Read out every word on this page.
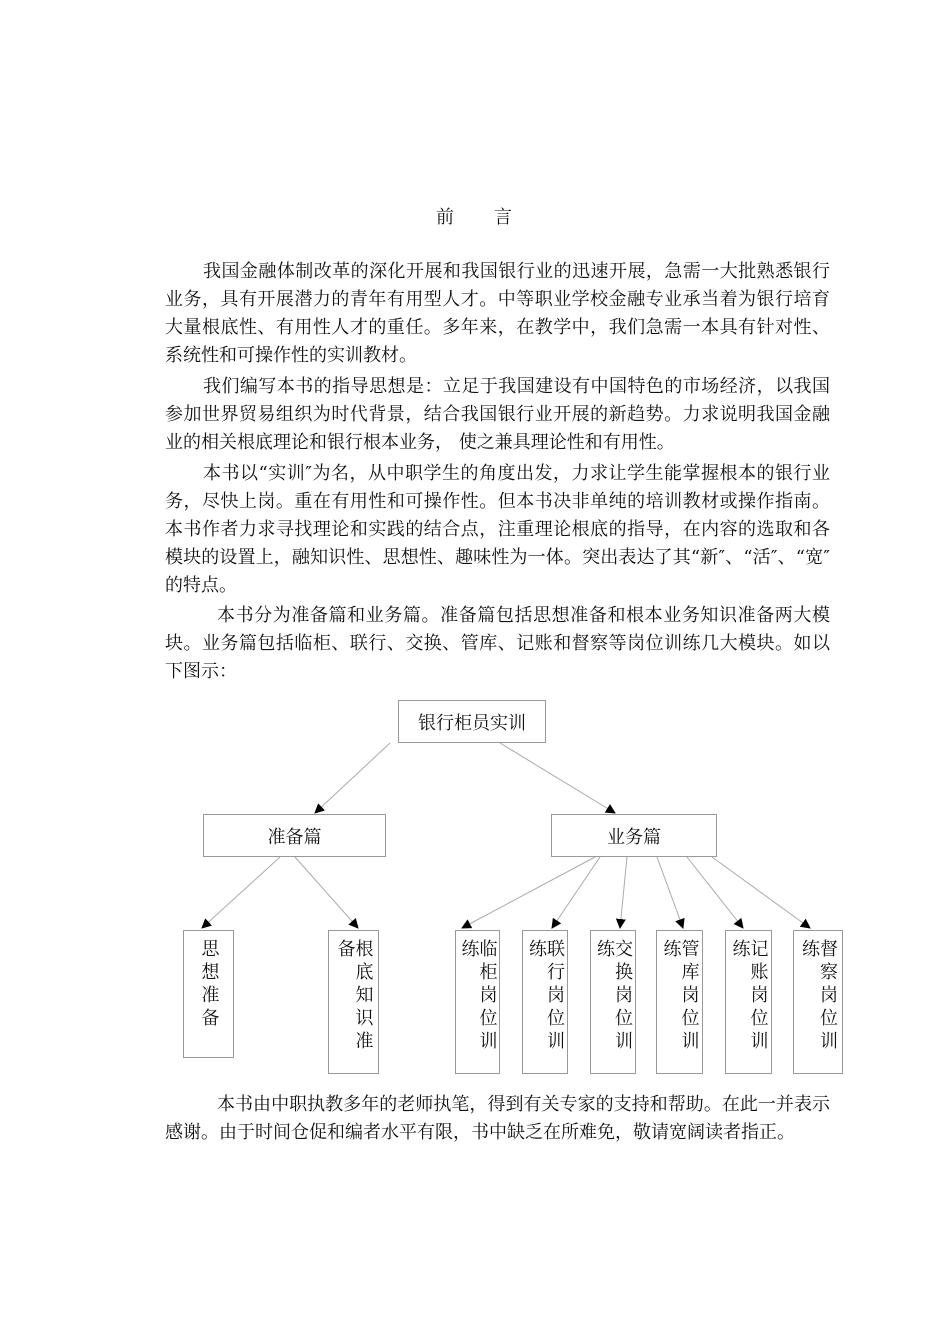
前 言

我国金融体制改革的深化开展和我国银行业的迅速开展，急需一大批熟悉银行业务，具有开展潜力的青年有用型人才。中等职业学校金融专业承当着为银行培育大量根底性、有用性人才的重任。多年来，在教学中，我们急需一本具有针对性、系统性和可操作性的实训教材。

我们编写本书的指导思想是：立足于我国建设有中国特色的市场经济，以我国参加世界贸易组织为时代背景，结合我国银行业开展的新趋势。力求说明我国金融业的相关根底理论和银行根本业务， 使之兼具理论性和有用性。

本书以“实训″为名，从中职学生的角度出发，力求让学生能掌握根本的银行业务，尽快上岗。重在有用性和可操作性。但本书决非单纯的培训教材或操作指南。本书作者力求寻找理论和实践的结合点，注重理论根底的指导，在内容的选取和各模块的设置上，融知识性、思想性、趣味性为一体。突出表达了其“新″、“活″、“宽″的特点。

本书分为准备篇和业务篇。准备篇包括思想准备和根本业务知识准备两大模块。业务篇包括临柜、联行、交换、管库、记账和督察等岗位训练几大模块。如以下图示：

银行柜员实训
准备篇	业务篇
思想准备	根底知识准备	临柜岗位训练	联行岗位训练	交换岗位训练	管库岗位训练	记账岗位训练	督察岗位训练

本书由中职执教多年的老师执笔，得到有关专家的支持和帮助。在此一并表示感谢。由于时间仓促和编者水平有限，书中缺乏在所难免，敬请宽阔读者指正。
